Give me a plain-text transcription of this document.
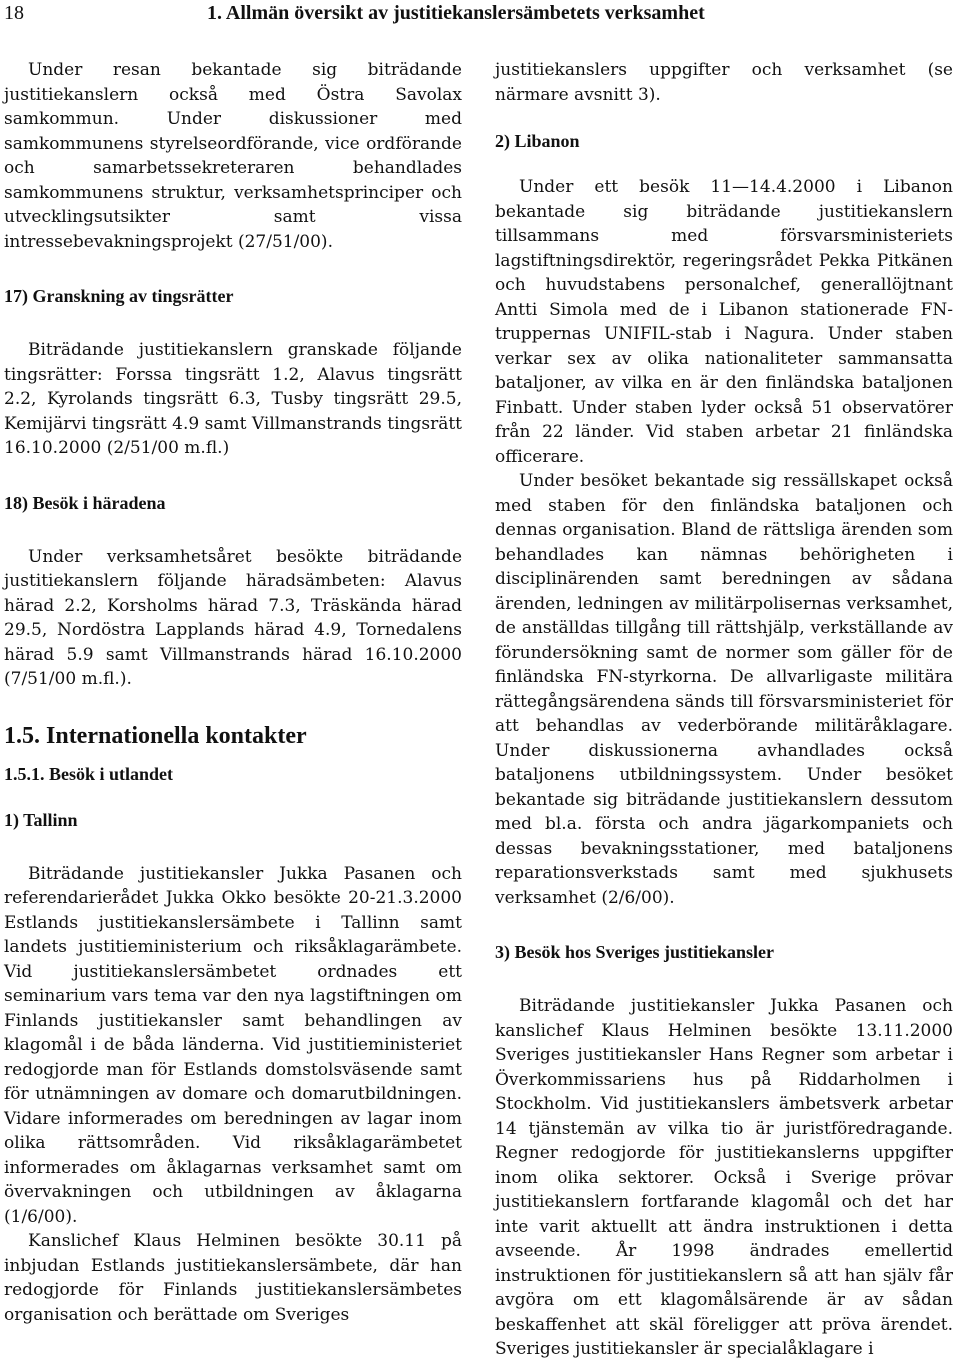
18	1. Allmän översikt av justitiekanslersämbetets verksamhet

Under resan bekantade sig biträdande justitiekanslern också med Östra Savolax samkommun. Under diskussioner med samkommunens styrelseordförande, vice ordförande och samarbetssekreteraren behandlades samkommunens struktur, verksamhetsprinciper och utvecklingsutsikter samt vissa intressebevakningsprojekt (27/51/00).

17) Granskning av tingsrätter

Biträdande justitiekanslern granskade följande tingsrätter: Forssa tingsrätt 1.2, Alavus tingsrätt 2.2, Kyrolands tingsrätt 6.3, Tusby tingsrätt 29.5, Kemijärvi tingsrätt 4.9 samt Villmanstrands tingsrätt 16.10.2000 (2/51/00 m.fl.)

18) Besök i häradena

Under verksamhetsåret besökte biträdande justitiekanslern följande häradsämbeten: Alavus härad 2.2, Korsholms härad 7.3, Träskända härad 29.5, Nordöstra Lapplands härad 4.9, Tornedalens härad 5.9 samt Villmanstrands härad 16.10.2000 (7/51/00 m.fl.).

1.5. Internationella kontakter
1.5.1. Besök i utlandet
1) Tallinn

Biträdande justitiekansler Jukka Pasanen och referendarierådet Jukka Okko besökte 20-21.3.2000 Estlands justitiekanslersämbete i Tallinn samt landets justitieministerium och riksåklagarämbete. Vid justitiekanslersämbetet ordnades ett seminarium vars tema var den nya lagstiftningen om Finlands justitiekansler samt behandlingen av klagomål i de båda länderna. Vid justitieministeriet redogjorde man för Estlands domstolsväsende samt för utnämningen av domare och domarutbildningen. Vidare informerades om beredningen av lagar inom olika rättsområden. Vid riksåklagarämbetet informerades om åklagarnas verksamhet samt om övervakningen och utbildningen av åklagarna (1/6/00).

Kanslichef Klaus Helminen besökte 30.11 på inbjudan Estlands justitiekanslersämbete, där han redogjorde för Finlands justitiekanslersämbetes organisation och berättade om Sveriges

justitiekanslers uppgifter och verksamhet (se närmare avsnitt 3).

2) Libanon

Under ett besök 11—14.4.2000 i Libanon bekantade sig biträdande justitiekanslern tillsammans med försvarsministeriets lagstiftningsdirektör, regeringsrådet Pekka Pitkänen och huvudstabens personalchef, generallöjtnant Antti Simola med de i Libanon stationerade FN-truppernas UNIFIL-stab i Nagura. Under staben verkar sex av olika nationaliteter sammansatta bataljoner, av vilka en är den finländska bataljonen Finbatt. Under staben lyder också 51 observatörer från 22 länder. Vid staben arbetar 21 finländska officerare.

Under besöket bekantade sig ressällskapet också med staben för den finländska bataljonen och dennas organisation. Bland de rättsliga ärenden som behandlades kan nämnas behörigheten i disciplinärenden samt beredningen av sådana ärenden, ledningen av militärpolisernas verksamhet, de anställdas tillgång till rättshjälp, verkställande av förundersökning samt de normer som gäller för de finländska FN-styrkorna. De allvarligaste militära rättegångsärendena sänds till försvarsministeriet för att behandlas av vederbörande militäråklagare. Under diskussionerna avhandlades också bataljonens utbildningssystem. Under besöket bekantade sig biträdande justitiekanslern dessutom med bl.a. första och andra jägarkompaniets och dessas bevakningsstationer, med bataljonens reparationsverkstads samt med sjukhusets verksamhet (2/6/00).

3) Besök hos Sveriges justitiekansler

Biträdande justitiekansler Jukka Pasanen och kanslichef Klaus Helminen besökte 13.11.2000 Sveriges justitiekansler Hans Regner som arbetar i Överkommissariens hus på Riddarholmen i Stockholm. Vid justitiekanslers ämbetsverk arbetar 14 tjänstemän av vilka tio är juristföredragande. Regner redogjorde för justitiekanslerns uppgifter inom olika sektorer. Också i Sverige prövar justitiekanslern fortfarande klagomål och det har inte varit aktuellt att ändra instruktionen i detta avseende. År 1998 ändrades emellertid instruktionen för justitiekanslern så att han själv får avgöra om ett klagomålsärende är av sådan beskaffenhet att skäl föreligger att pröva ärendet. Sveriges justitiekansler är specialåklagare i
